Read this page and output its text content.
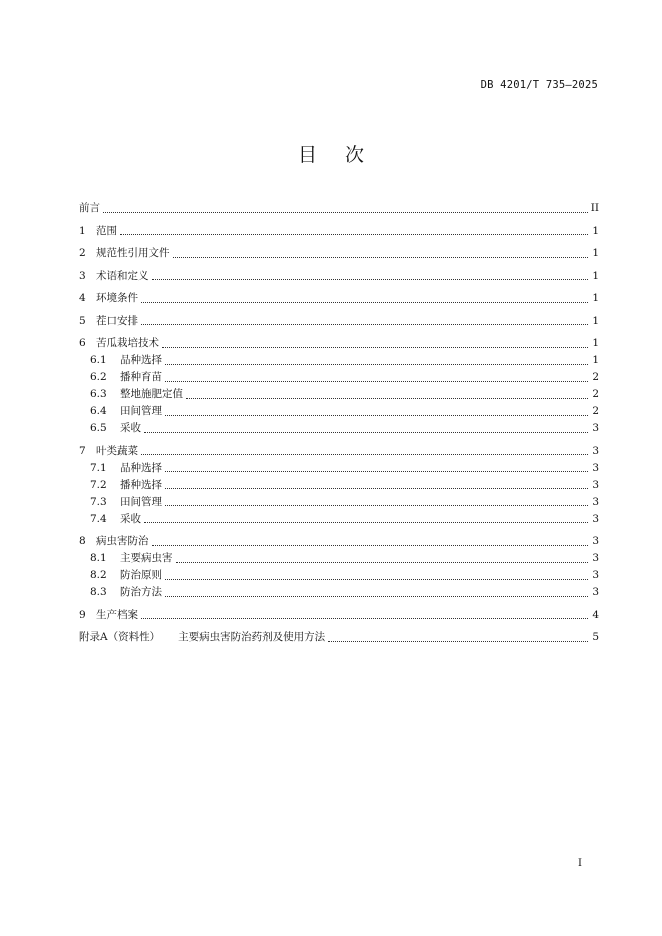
DB 4201/T 735—2025
目次
前言	II
1 范围	1
2 规范性引用文件	1
3 术语和定义	1
4 环境条件	1
5 茬口安排	1
6 苦瓜栽培技术	1
6.1	品种选择	1
6.2	播种育苗	2
6.3	整地施肥定值	2
6.4	田间管理	2
6.5	采收	3
7 叶类蔬菜	3
7.1	品种选择	3
7.2	播种选择	3
7.3	田间管理	3
7.4	采收	3
8 病虫害防治	3
8.1	主要病虫害	3
8.2	防治原则	3
8.3	防治方法	3
9 生产档案	4
附录A（资料性） 主要病虫害防治药剂及使用方法	5
I
